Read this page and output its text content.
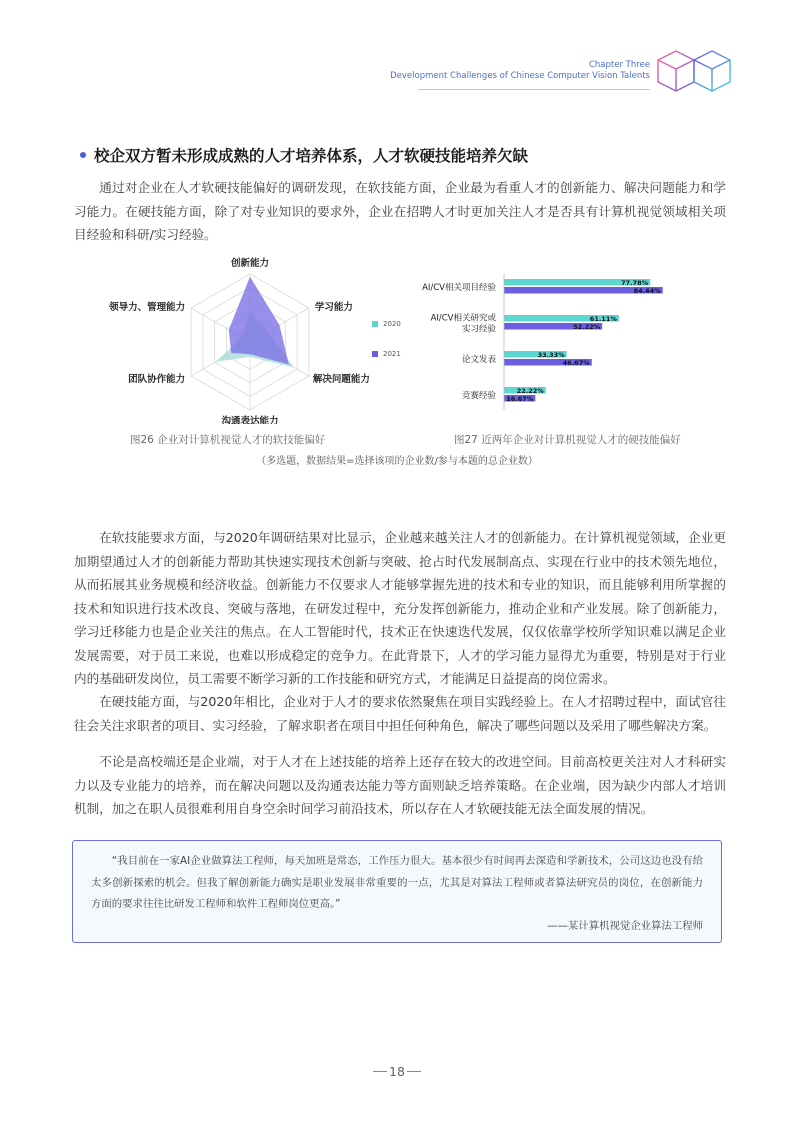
Chapter Three
Development Challenges of Chinese Computer Vision Talents
校企双方暂未形成成熟的人才培养体系，人才软硬技能培养欠缺

通过对企业在人才软硬技能偏好的调研发现，在软技能方面，企业最为看重人才的创新能力、解决问题能力和学习能力。在硬技能方面，除了对专业知识的要求外，企业在招聘人才时更加关注人才是否具有计算机视觉领域相关项目经验和科研/实习经验。

创新能力
学习能力
解决问题能力
沟通表达能力
团队协作能力
领导力、管理能力
图26 企业对计算机视觉人才的软技能偏好
2020
2021
AI/CV相关项目经验
77.78%
84.44%
AI/CV相关研究或
实习经验
61.11%
52.22%
论文发表
33.33%
46.67%
竞赛经验
22.22%
16.67%
图27 近两年企业对计算机视觉人才的硬技能偏好
（多选题，数据结果=选择该项的企业数/参与本题的总企业数）

在软技能要求方面，与2020年调研结果对比显示，企业越来越关注人才的创新能力。在计算机视觉领域，企业更加期望通过人才的创新能力帮助其快速实现技术创新与突破、抢占时代发展制高点、实现在行业中的技术领先地位，从而拓展其业务规模和经济收益。创新能力不仅要求人才能够掌握先进的技术和专业的知识，而且能够利用所掌握的技术和知识进行技术改良、突破与落地，在研发过程中，充分发挥创新能力，推动企业和产业发展。除了创新能力，学习迁移能力也是企业关注的焦点。在人工智能时代，技术正在快速迭代发展，仅仅依靠学校所学知识难以满足企业发展需要，对于员工来说，也难以形成稳定的竞争力。在此背景下，人才的学习能力显得尤为重要，特别是对于行业内的基础研发岗位，员工需要不断学习新的工作技能和研究方式，才能满足日益提高的岗位需求。

在硬技能方面，与2020年相比，企业对于人才的要求依然聚焦在项目实践经验上。在人才招聘过程中，面试官往往会关注求职者的项目、实习经验，了解求职者在项目中担任何种角色，解决了哪些问题以及采用了哪些解决方案。

不论是高校端还是企业端，对于人才在上述技能的培养上还存在较大的改进空间。目前高校更关注对人才科研实力以及专业能力的培养，而在解决问题以及沟通表达能力等方面则缺乏培养策略。在企业端，因为缺少内部人才培训机制，加之在职人员很难利用自身空余时间学习前沿技术，所以存在人才软硬技能无法全面发展的情况。

“我目前在一家AI企业做算法工程师，每天加班是常态，工作压力很大。基本很少有时间再去深造和学新技术，公司这边也没有给太多创新探索的机会。但我了解创新能力确实是职业发展非常重要的一点，尤其是对算法工程师或者算法研究员的岗位，在创新能力方面的要求往往比研发工程师和软件工程师岗位更高。”

——某计算机视觉企业算法工程师
18
